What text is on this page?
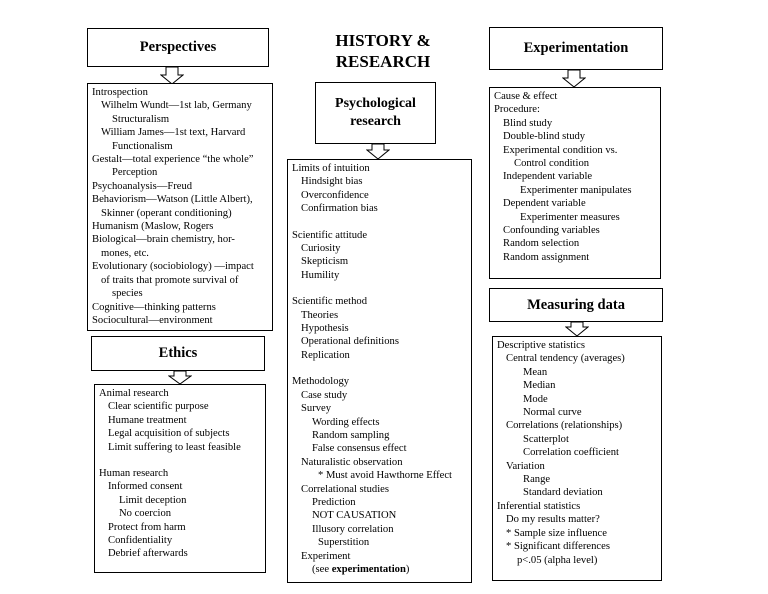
HISTORY &
RESEARCH
Perspectives
Introspection
Wilhelm Wundt—1st lab, Germany
Structuralism
William James—1st text, Harvard
Functionalism
Gestalt—total experience “the whole”
Perception
Psychoanalysis—Freud
Behaviorism—Watson (Little Albert),
Skinner (operant conditioning)
Humanism (Maslow, Rogers
Biological—brain chemistry, hor-
mones, etc.
Evolutionary (sociobiology) —impact
of traits that promote survival of
species
Cognitive—thinking patterns
Sociocultural—environment
Ethics
Animal research
Clear scientific purpose
Humane treatment
Legal acquisition of subjects
Limit suffering to least feasible
Human research
Informed consent
Limit deception
No coercion
Protect from harm
Confidentiality
Debrief afterwards
Psychological
research
Limits of intuition
Hindsight bias
Overconfidence
Confirmation bias
Scientific attitude
Curiosity
Skepticism
Humility
Scientific method
Theories
Hypothesis
Operational definitions
Replication
Methodology
Case study
Survey
Wording effects
Random sampling
False consensus effect
Naturalistic observation
* Must avoid Hawthorne Effect
Correlational studies
Prediction
NOT CAUSATION
Illusory correlation
Superstition
Experiment
(see experimentation)
Experimentation
Cause & effect
Procedure:
Blind study
Double-blind study
Experimental condition vs.
Control condition
Independent variable
Experimenter manipulates
Dependent variable
Experimenter measures
Confounding variables
Random selection
Random assignment
Measuring data
Descriptive statistics
Central tendency (averages)
Mean
Median
Mode
Normal curve
Correlations (relationships)
Scatterplot
Correlation coefficient
Variation
Range
Standard deviation
Inferential statistics
Do my results matter?
* Sample size influence
* Significant differences
p<.05 (alpha level)
